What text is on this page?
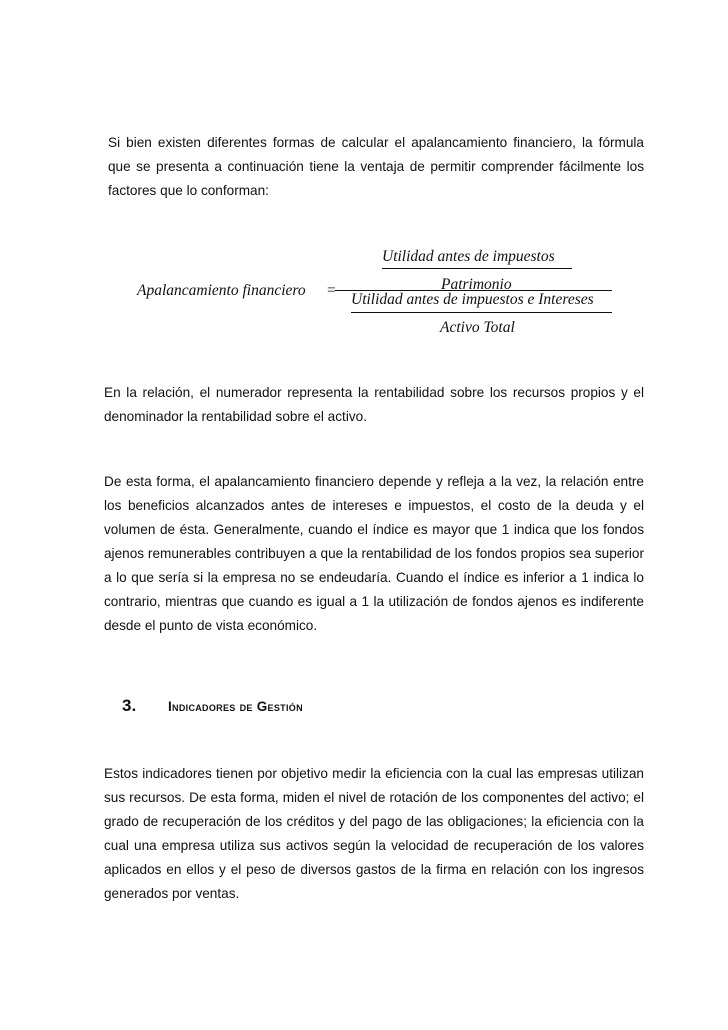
Si bien existen diferentes formas de calcular el apalancamiento financiero, la fórmula que se presenta a continuación tiene la ventaja de permitir comprender fácilmente los factores que lo conforman:

Apalancamiento financiero =
Utilidad antes de impuestos
Patrimonio
Utilidad antes de impuestos e Intereses
Activo Total

En la relación, el numerador representa la rentabilidad sobre los recursos propios y el denominador la rentabilidad sobre el activo.

De esta forma, el apalancamiento financiero depende y refleja a la vez, la relación entre los beneficios alcanzados antes de intereses e impuestos, el costo de la deuda y el volumen de ésta. Generalmente, cuando el índice es mayor que 1 indica que los fondos ajenos remunerables contribuyen a que la rentabilidad de los fondos propios sea superior a lo que sería si la empresa no se endeudaría. Cuando el índice es inferior a 1 indica lo contrario, mientras que cuando es igual a 1 la utilización de fondos ajenos es indiferente desde el punto de vista económico.

3. Indicadores de Gestión

Estos indicadores tienen por objetivo medir la eficiencia con la cual las empresas utilizan sus recursos. De esta forma, miden el nivel de rotación de los componentes del activo; el grado de recuperación de los créditos y del pago de las obligaciones; la eficiencia con la cual una empresa utiliza sus activos según la velocidad de recuperación de los valores aplicados en ellos y el peso de diversos gastos de la firma en relación con los ingresos generados por ventas.
